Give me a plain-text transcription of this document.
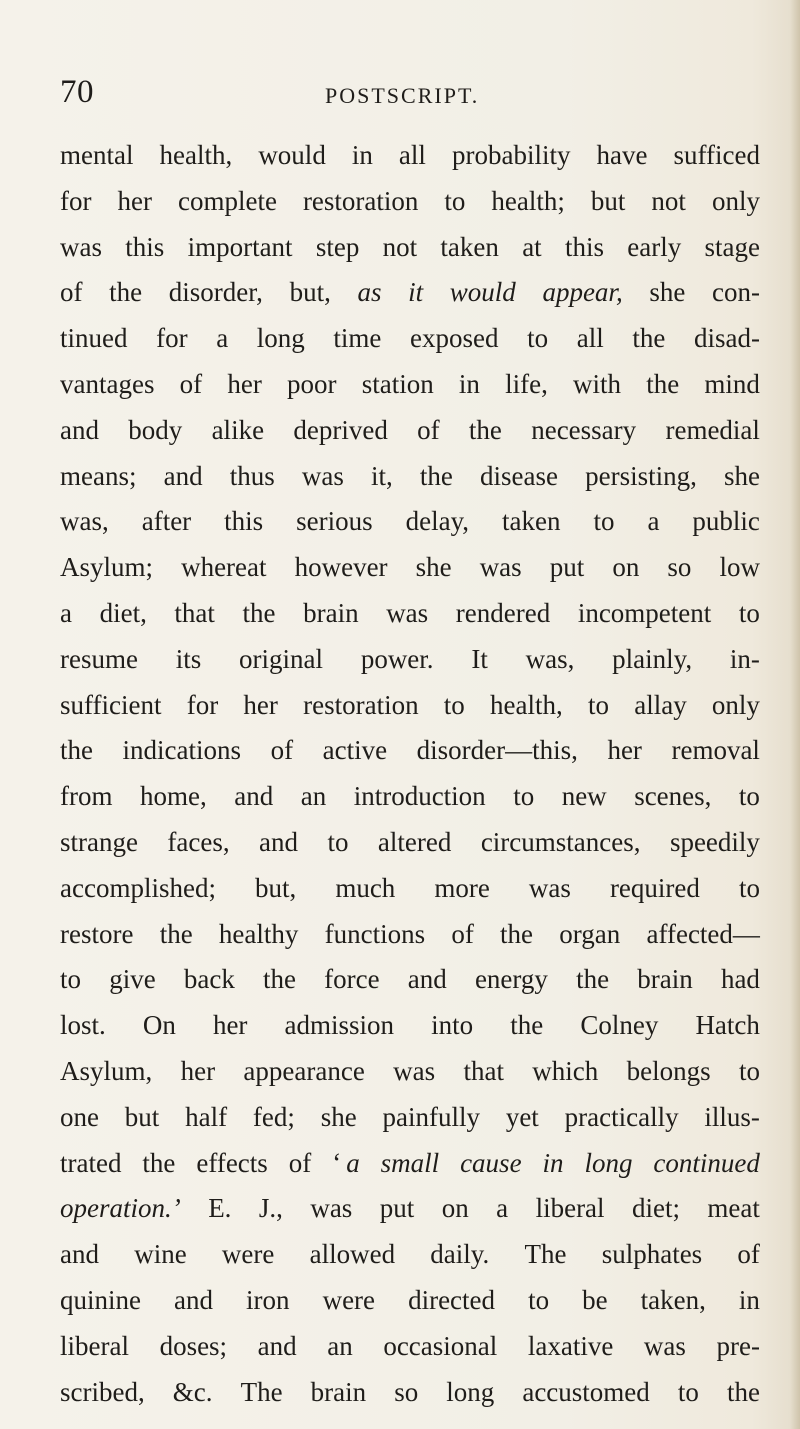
70	POSTSCRIPT.
mental health, would in all probability have sufficed
for her complete restoration to health; but not only
was this important step not taken at this early stage
of the disorder, but, as it would appear, she con-
tinued for a long time exposed to all the disad-
vantages of her poor station in life, with the mind
and body alike deprived of the necessary remedial
means; and thus was it, the disease persisting, she
was, after this serious delay, taken to a public
Asylum; whereat however she was put on so low
a diet, that the brain was rendered incompetent to
resume its original power. It was, plainly, in-
sufficient for her restoration to health, to allay only
the indications of active disorder—this, her removal
from home, and an introduction to new scenes, to
strange faces, and to altered circumstances, speedily
accomplished; but, much more was required to
restore the healthy functions of the organ affected—
to give back the force and energy the brain had
lost. On her admission into the Colney Hatch
Asylum, her appearance was that which belongs to
one but half fed; she painfully yet practically illus-
trated the effects of ‘ a small cause in long continued
operation.’ E. J., was put on a liberal diet; meat
and wine were allowed daily. The sulphates of
quinine and iron were directed to be taken, in
liberal doses; and an occasional laxative was pre-
scribed, &c. The brain so long accustomed to the
